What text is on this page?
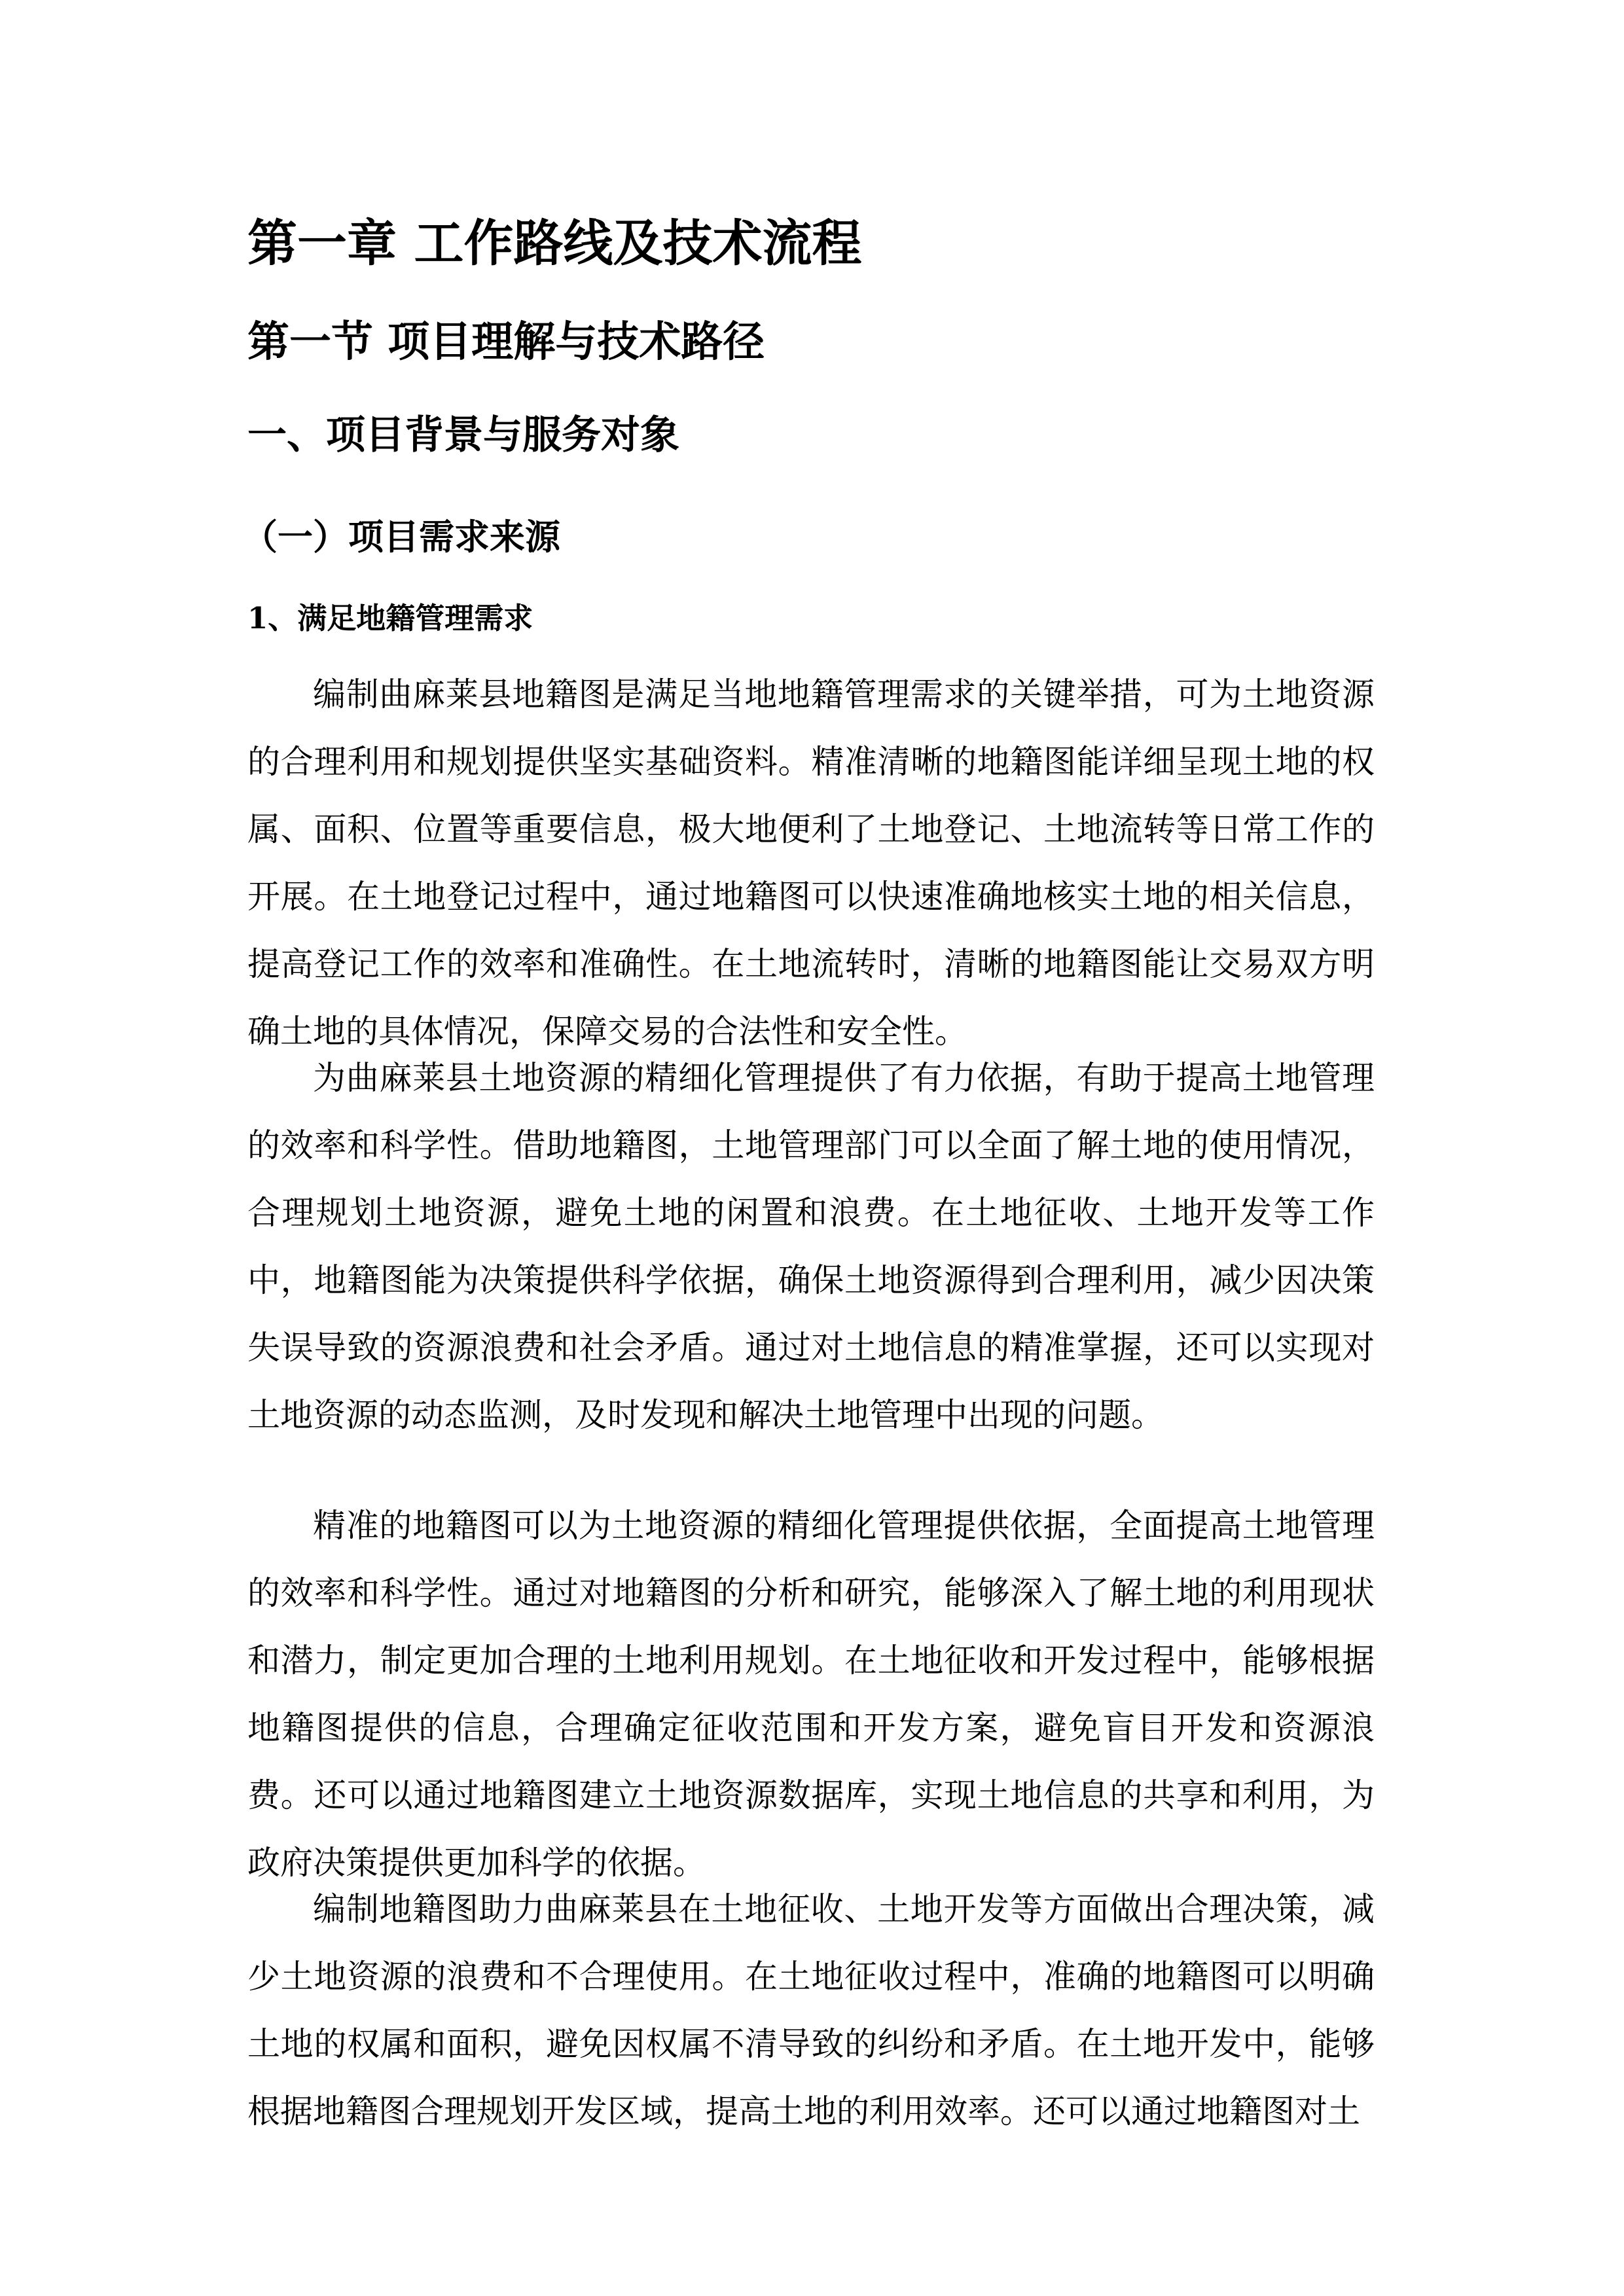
第一章 工作路线及技术流程
第一节 项目理解与技术路径
一、项目背景与服务对象
（一）项目需求来源
1、满足地籍管理需求

编制曲麻莱县地籍图是满足当地地籍管理需求的关键举措，可为土地资源的合理利用和规划提供坚实基础资料。精准清晰的地籍图能详细呈现土地的权属、面积、位置等重要信息，极大地便利了土地登记、土地流转等日常工作的开展。在土地登记过程中，通过地籍图可以快速准确地核实土地的相关信息，提高登记工作的效率和准确性。在土地流转时，清晰的地籍图能让交易双方明确土地的具体情况，保障交易的合法性和安全性。

为曲麻莱县土地资源的精细化管理提供了有力依据，有助于提高土地管理的效率和科学性。借助地籍图，土地管理部门可以全面了解土地的使用情况，合理规划土地资源，避免土地的闲置和浪费。在土地征收、土地开发等工作中，地籍图能为决策提供科学依据，确保土地资源得到合理利用，减少因决策失误导致的资源浪费和社会矛盾。通过对土地信息的精准掌握，还可以实现对土地资源的动态监测，及时发现和解决土地管理中出现的问题。

精准的地籍图可以为土地资源的精细化管理提供依据，全面提高土地管理的效率和科学性。通过对地籍图的分析和研究，能够深入了解土地的利用现状和潜力，制定更加合理的土地利用规划。在土地征收和开发过程中，能够根据地籍图提供的信息，合理确定征收范围和开发方案，避免盲目开发和资源浪费。还可以通过地籍图建立土地资源数据库，实现土地信息的共享和利用，为政府决策提供更加科学的依据。

编制地籍图助力曲麻莱县在土地征收、土地开发等方面做出合理决策，减少土地资源的浪费和不合理使用。在土地征收过程中，准确的地籍图可以明确土地的权属和面积，避免因权属不清导致的纠纷和矛盾。在土地开发中，能够根据地籍图合理规划开发区域，提高土地的利用效率。还可以通过地籍图对土
